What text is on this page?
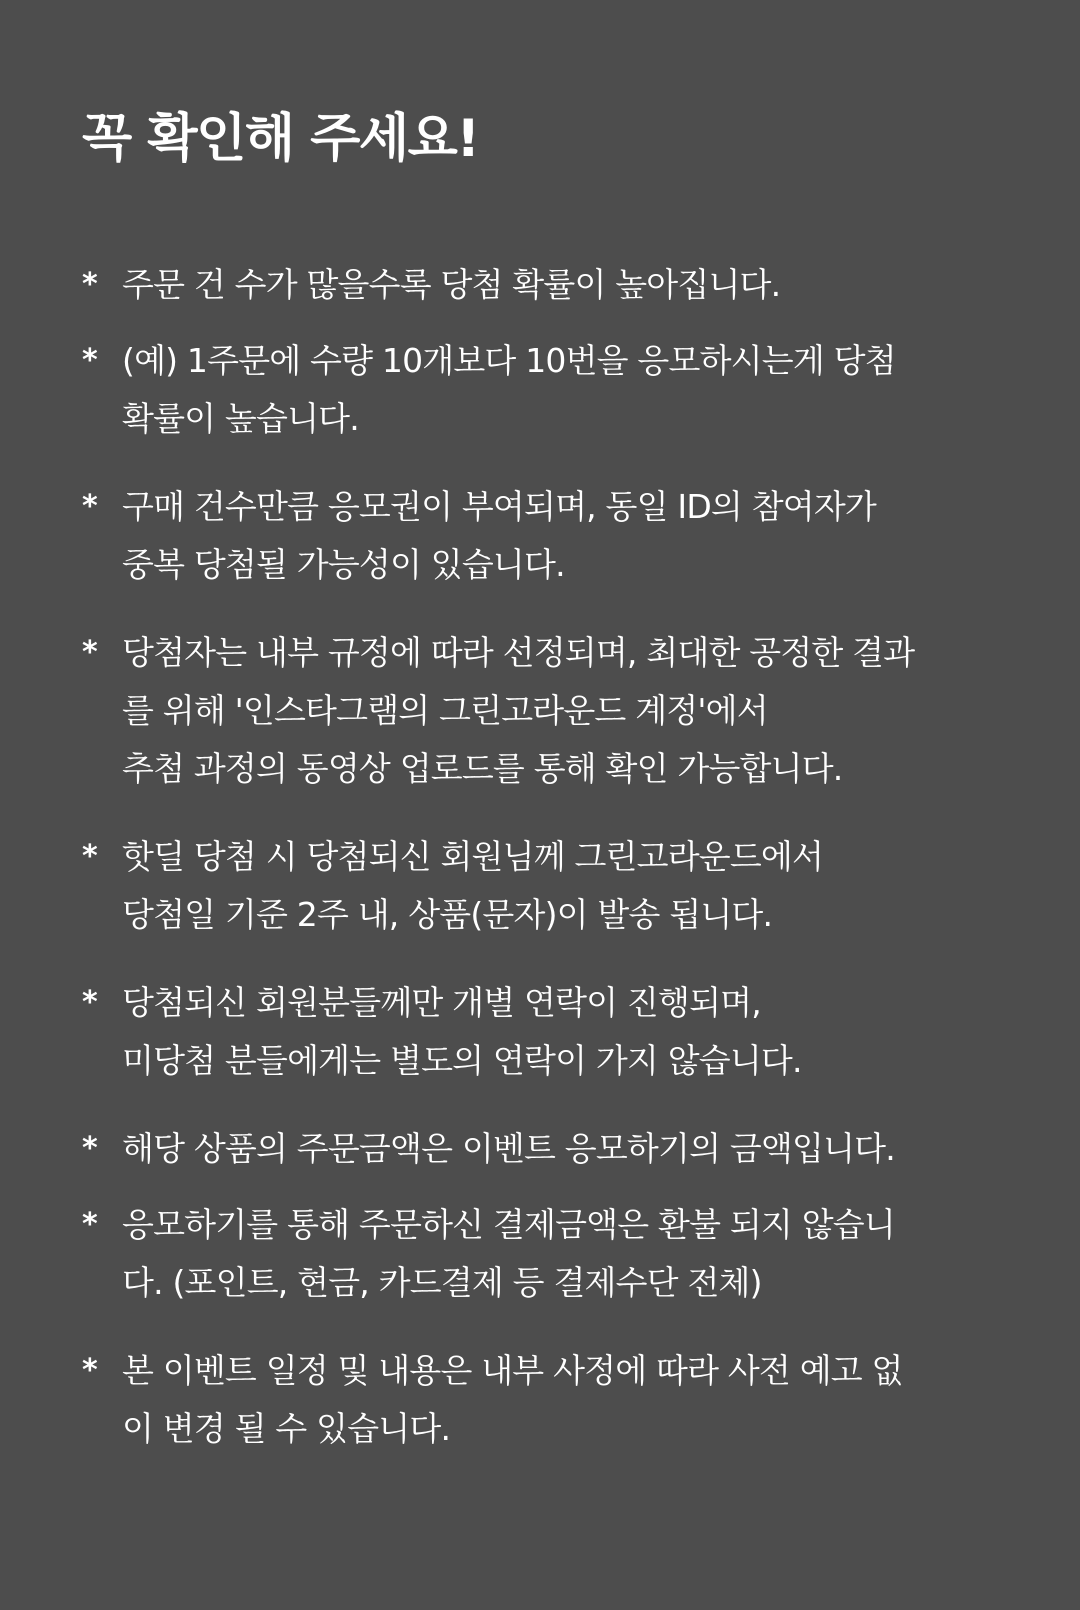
꼭 확인해 주세요!
* 주문 건 수가 많을수록 당첨 확률이 높아집니다.
* (예) 1주문에 수량 10개보다 10번을 응모하시는게 당첨
확률이 높습니다.
* 구매 건수만큼 응모권이 부여되며, 동일 ID의 참여자가
중복 당첨될 가능성이 있습니다.
* 당첨자는 내부 규정에 따라 선정되며, 최대한 공정한 결과
를 위해 '인스타그램의 그린고라운드 계정'에서
추첨 과정의 동영상 업로드를 통해 확인 가능합니다.
* 핫딜 당첨 시 당첨되신 회원님께 그린고라운드에서
당첨일 기준 2주 내, 상품(문자)이 발송 됩니다.
* 당첨되신 회원분들께만 개별 연락이 진행되며,
미당첨 분들에게는 별도의 연락이 가지 않습니다.
* 해당 상품의 주문금액은 이벤트 응모하기의 금액입니다.
* 응모하기를 통해 주문하신 결제금액은 환불 되지 않습니
다. (포인트, 현금, 카드결제 등 결제수단 전체)
* 본 이벤트 일정 및 내용은 내부 사정에 따라 사전 예고 없
이 변경 될 수 있습니다.
